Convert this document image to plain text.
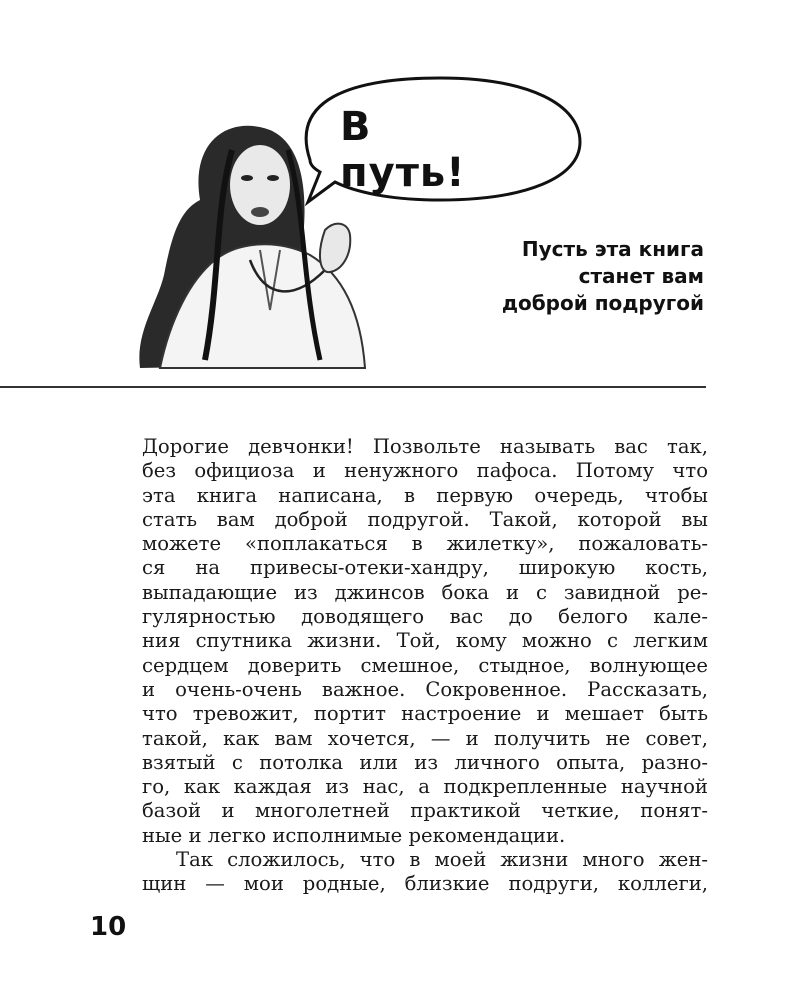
В путь!
Пусть эта книга
станет вам
доброй подругой

Дорогие девчонки! Позвольте называть вас так,

без официоза и ненужного пафоса. Потому что

эта книга написана, в первую очередь, чтобы

стать вам доброй подругой. Такой, которой вы

можете «поплакаться в жилетку», пожаловать-

ся на привесы-отеки-хандру, широкую кость,

выпадающие из джинсов бока и с завидной ре-

гулярностью доводящего вас до белого кале-

ния спутника жизни. Той, кому можно с легким

сердцем доверить смешное, стыдное, волнующее

и очень-очень важное. Сокровенное. Рассказать,

что тревожит, портит настроение и мешает быть

такой, как вам хочется, — и получить не совет,

взятый с потолка или из личного опыта, разно-

го, как каждая из нас, а подкрепленные научной

базой и многолетней практикой четкие, понят-

ные и легко исполнимые рекомендации.

Так сложилось, что в моей жизни много жен-

щин — мои родные, близкие подруги, коллеги,

10
